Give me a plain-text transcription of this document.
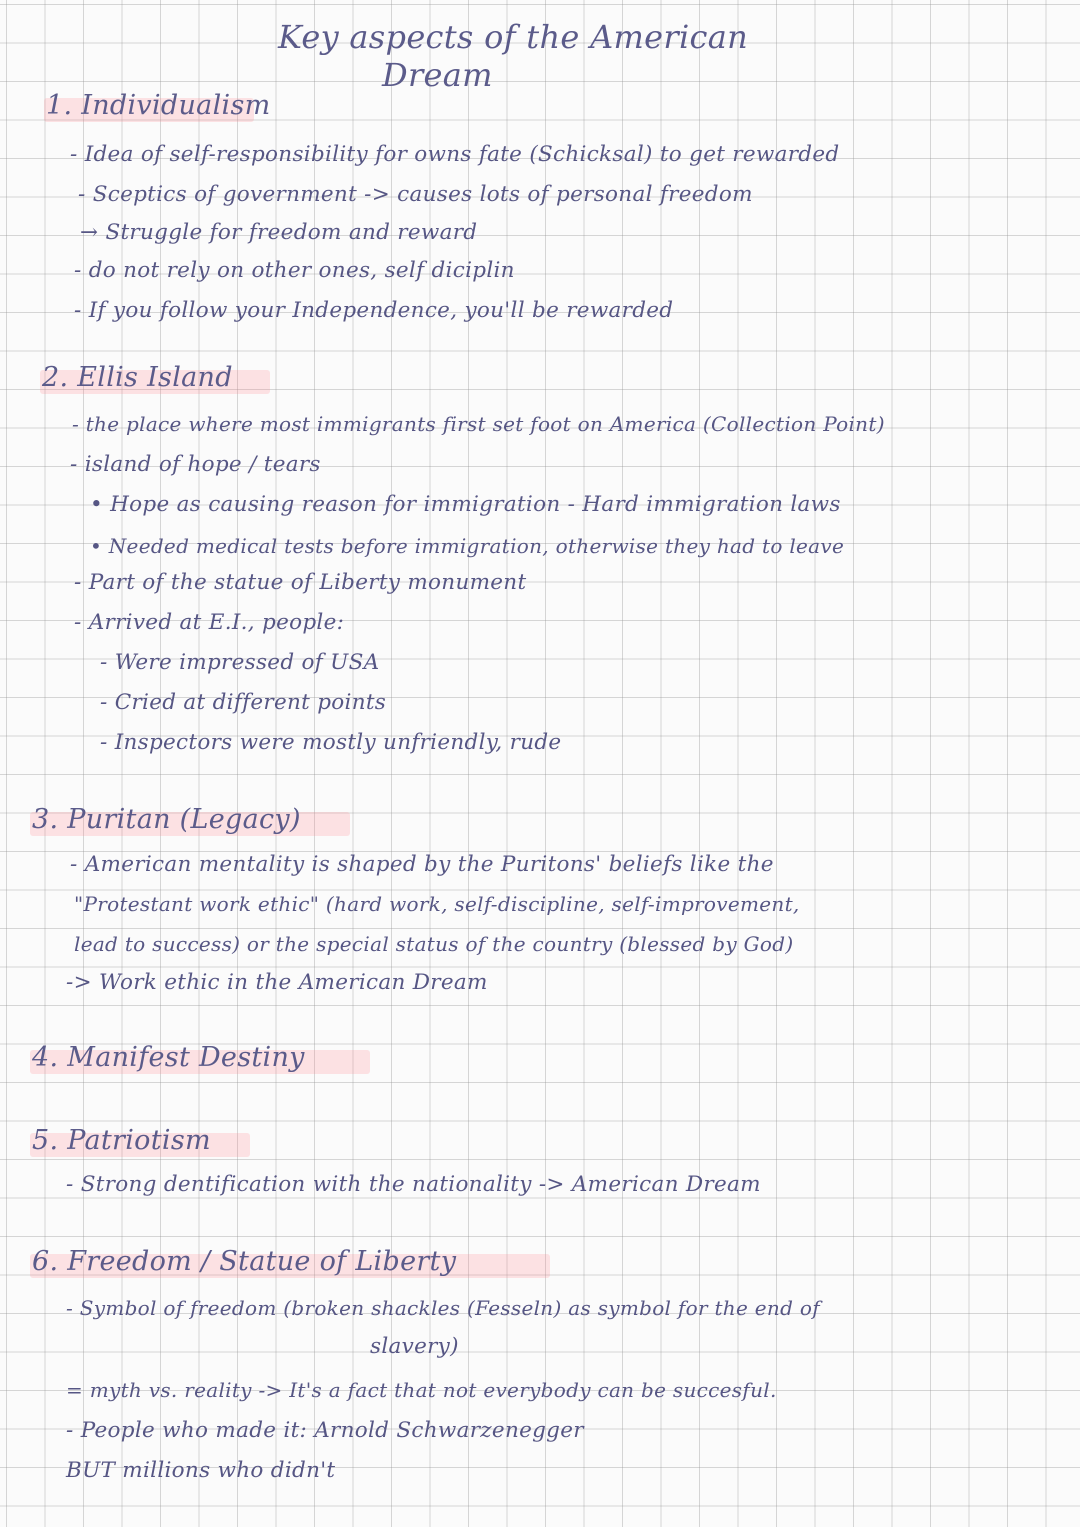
Key aspects of the American
Dream
1. Individualism
- Idea of self-responsibility for owns fate (Schicksal) to get rewarded
- Sceptics of government -> causes lots of personal freedom
→ Struggle for freedom and reward
- do not rely on other ones, self diciplin
- If you follow your Independence, you'll be rewarded
2. Ellis Island
- the place where most immigrants first set foot on America (Collection Point)
- island of hope / tears
• Hope as causing reason for immigration - Hard immigration laws
• Needed medical tests before immigration, otherwise they had to leave
- Part of the statue of Liberty monument
- Arrived at E.I., people:
- Were impressed of USA
- Cried at different points
- Inspectors were mostly unfriendly, rude
3. Puritan (Legacy)
- American mentality is shaped by the Puritons' beliefs like the
"Protestant work ethic" (hard work, self-discipline, self-improvement,
lead to success) or the special status of the country (blessed by God)
-> Work ethic in the American Dream
4. Manifest Destiny
5. Patriotism
- Strong dentification with the nationality -> American Dream
6. Freedom / Statue of Liberty
- Symbol of freedom (broken shackles (Fesseln) as symbol for the end of
slavery)
= myth vs. reality -> It's a fact that not everybody can be succesful.
- People who made it: Arnold Schwarzenegger
BUT millions who didn't
